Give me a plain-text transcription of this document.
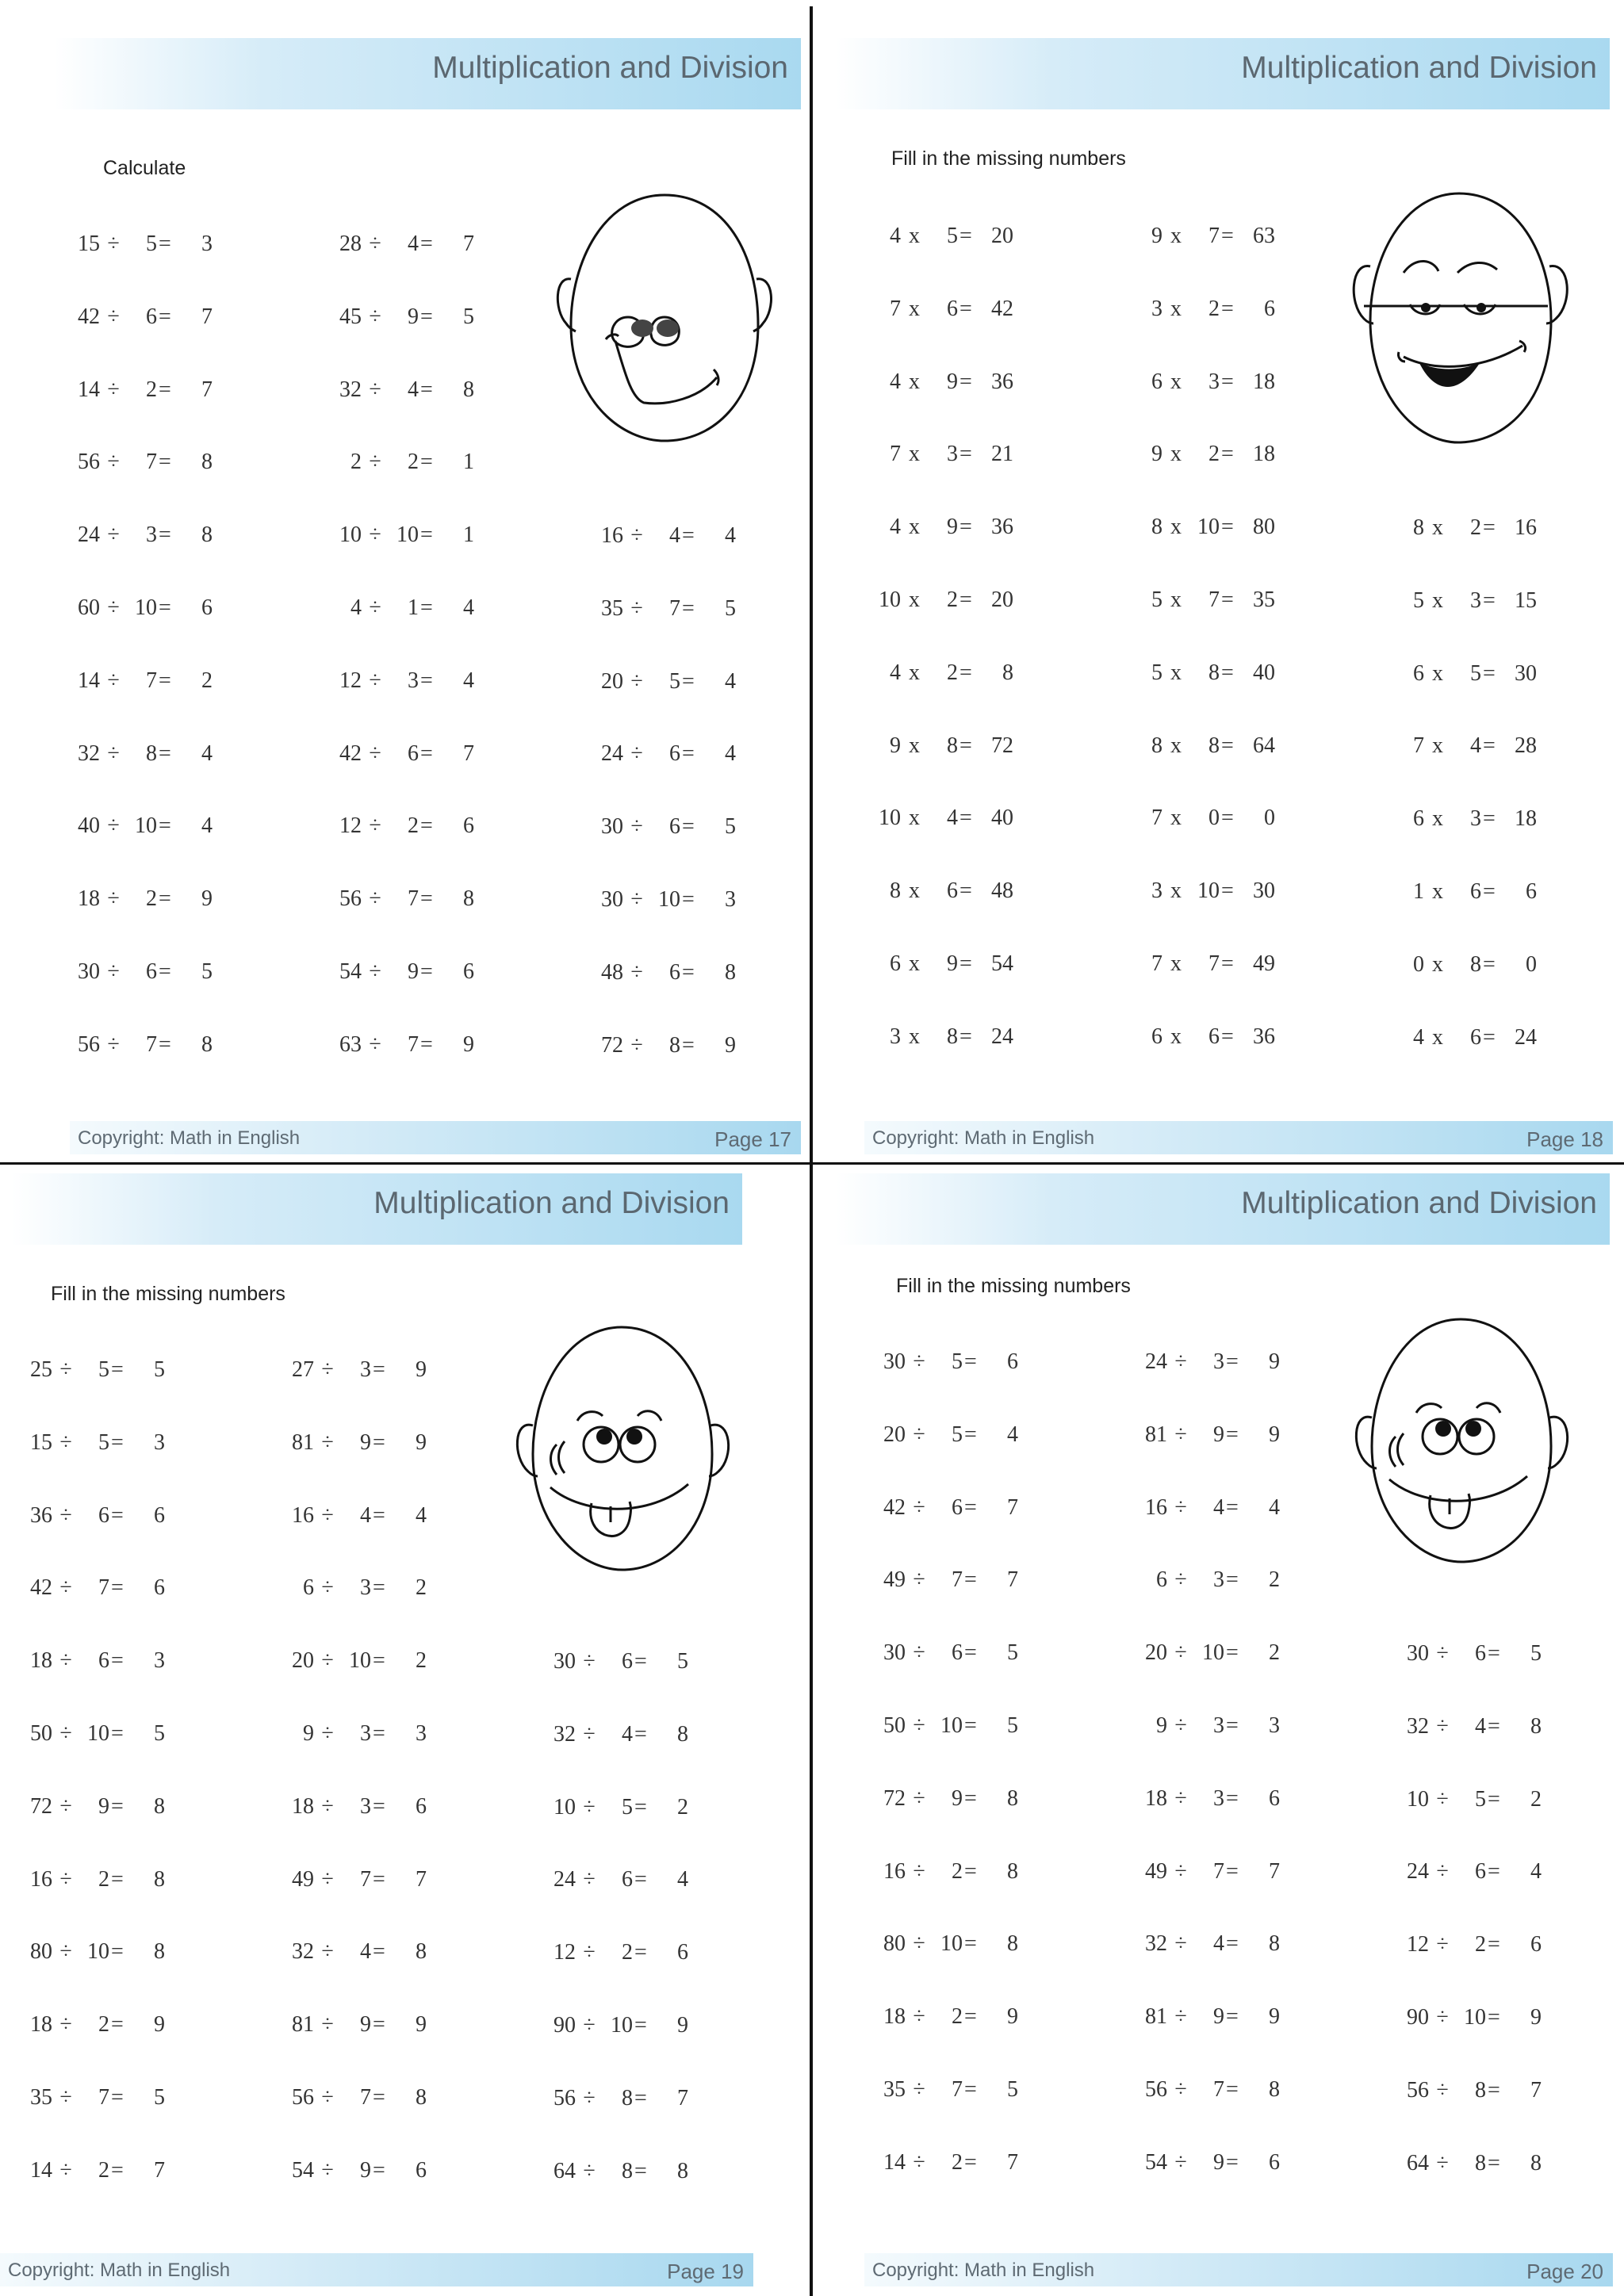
Multiplication and Division
Calculate
15 ÷	5 =	3
42 ÷	6 =	7
14 ÷	2 =	7
56 ÷	7 =	8
24 ÷	3 =	8
60 ÷ 10 =	6
14 ÷	7 =	2
32 ÷	8 =	4
40 ÷ 10 =	4
18 ÷	2 =	9
30 ÷	6 =	5
56 ÷	7 =	8
28 ÷	4 =	7
45 ÷	9 =	5
32 ÷	4 =	8
2 ÷	2 =	1
10 ÷ 10 =	1
4 ÷	1 =	4
12 ÷	3 =	4
42 ÷	6 =	7
12 ÷	2 =	6
56 ÷	7 =	8
54 ÷	9 =	6
63 ÷	7 =	9
16 ÷	4 =	4
35 ÷	7 =	5
20 ÷	5 =	4
24 ÷	6 =	4
30 ÷	6 =	5
30 ÷ 10 =	3
48 ÷	6 =	8
72 ÷	8 =	9
Copyright: Math in English	Page 17
Multiplication and Division
Fill in the missing numbers
4 x	5 = 20
7 x	6 = 42
4 x	9 = 36
7 x	3 = 21
4 x	9 = 36
10 x	2 = 20
4 x	2 =	8
9 x	8 = 72
10 x	4 = 40
8 x	6 = 48
6 x	9 = 54
3 x	8 = 24
9 x	7 = 63
3 x	2 =	6
6 x	3 = 18
9 x	2 = 18
8 x 10 = 80
5 x	7 = 35
5 x	8 = 40
8 x	8 = 64
7 x	0 =	0
3 x 10 = 30
7 x	7 = 49
6 x	6 = 36
8 x	2 = 16
5 x	3 = 15
6 x	5 = 30
7 x	4 = 28
6 x	3 = 18
1 x	6 =	6
0 x	8 =	0
4 x	6 = 24
Copyright: Math in English	Page 18
Multiplication and Division
Fill in the missing numbers
25 ÷	5 =	5
15 ÷	5 =	3
36 ÷	6 =	6
42 ÷	7 =	6
18 ÷	6 =	3
50 ÷ 10 =	5
72 ÷	9 =	8
16 ÷	2 =	8
80 ÷ 10 =	8
18 ÷	2 =	9
35 ÷	7 =	5
14 ÷	2 =	7
27 ÷	3 =	9
81 ÷	9 =	9
16 ÷	4 =	4
6 ÷	3 =	2
20 ÷ 10 =	2
9 ÷	3 =	3
18 ÷	3 =	6
49 ÷	7 =	7
32 ÷	4 =	8
81 ÷	9 =	9
56 ÷	7 =	8
54 ÷	9 =	6
30 ÷	6 =	5
32 ÷	4 =	8
10 ÷	5 =	2
24 ÷	6 =	4
12 ÷	2 =	6
90 ÷ 10 =	9
56 ÷	8 =	7
64 ÷	8 =	8
Copyright: Math in English	Page 19
Multiplication and Division
Fill in the missing numbers
30 ÷	5 =	6
20 ÷	5 =	4
42 ÷	6 =	7
49 ÷	7 =	7
30 ÷	6 =	5
50 ÷ 10 =	5
72 ÷	9 =	8
16 ÷	2 =	8
80 ÷ 10 =	8
18 ÷	2 =	9
35 ÷	7 =	5
14 ÷	2 =	7
24 ÷	3 =	9
81 ÷	9 =	9
16 ÷	4 =	4
6 ÷	3 =	2
20 ÷ 10 =	2
9 ÷	3 =	3
18 ÷	3 =	6
49 ÷	7 =	7
32 ÷	4 =	8
81 ÷	9 =	9
56 ÷	7 =	8
54 ÷	9 =	6
30 ÷	6 =	5
32 ÷	4 =	8
10 ÷	5 =	2
24 ÷	6 =	4
12 ÷	2 =	6
90 ÷ 10 =	9
56 ÷	8 =	7
64 ÷	8 =	8
Copyright: Math in English	Page 20
